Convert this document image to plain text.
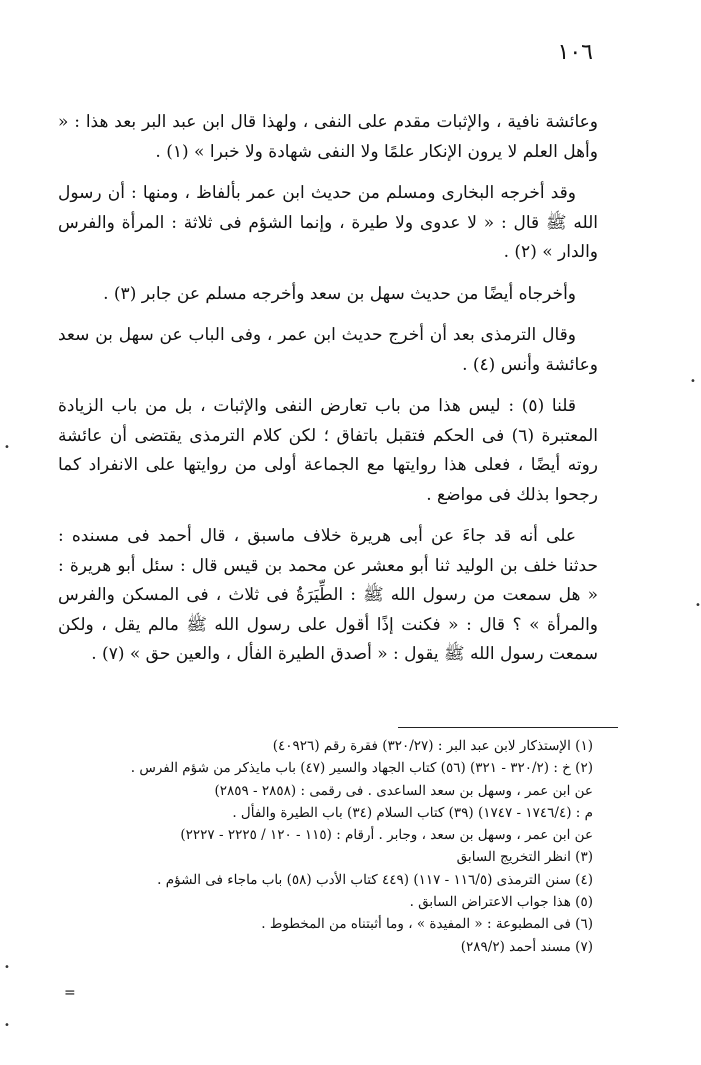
١٠٦

وعائشة نافية ، والإثبات مقدم على النفى ، ولهذا قال ابن عبد البر بعد هذا : « وأهل العلم لا يرون الإنكار علمًا ولا النفى شهادة ولا خبرا » (١) .

وقد أخرجه البخارى ومسلم من حديث ابن عمر بألفاظ ، ومنها : أن رسول الله ﷺ قال : « لا عدوى ولا طيرة ، وإنما الشؤم فى ثلاثة : المرأة والفرس والدار » (٢) .

وأخرجاه أيضًا من حديث سهل بن سعد وأخرجه مسلم عن جابر (٣) .

وقال الترمذى بعد أن أخرج حديث ابن عمر ، وفى الباب عن سهل بن سعد وعائشة وأنس (٤) .

قلنا (٥) : ليس هذا من باب تعارض النفى والإثبات ، بل من باب الزيادة المعتبرة (٦) فى الحكم فتقبل باتفاق ؛ لكن كلام الترمذى يقتضى أن عائشة روته أيضًا ، فعلى هذا روايتها مع الجماعة أولى من روايتها على الانفراد كما رجحوا بذلك فى مواضع .

على أنه قد جاءَ عن أبى هريرة خلاف ماسبق ، قال أحمد فى مسنده : حدثنا خلف بن الوليد ثنا أبو معشر عن محمد بن قيس قال : سئل أبو هريرة : « هل سمعت من رسول الله ﷺ : الطِّيَرَةُ فى ثلاث ، فى المسكن والفرس والمرأة » ؟ قال : « فكنت إذًا أقول على رسول الله ﷺ مالم يقل ، ولكن سمعت رسول الله ﷺ يقول : « أصدق الطيرة الفأل ، والعين حق » (٧) .

(١) الإستذكار لابن عبد البر : (٣٢٠/٢٧) فقرة رقم (٤٠٩٢٦)
(٢) خ : (٣٢٠/٢ - ٣٢١) (٥٦) كتاب الجهاد والسير (٤٧) باب مايذكر من شؤم الفرس .
عن ابن عمر ، وسهل بن سعد الساعدى . فى رقمى : (٢٨٥٨ - ٢٨٥٩)
م : (١٧٤٦/٤ - ١٧٤٧) (٣٩) كتاب السلام (٣٤) باب الطيرة والفأل .
عن ابن عمر ، وسهل بن سعد ، وجابر . أرقام : (١١٥ - ١٢٠ / ٢٢٢٥ - ٢٢٢٧)
(٣) انظر التخريج السابق
(٤) سنن الترمذى (١١٦/٥ - ١١٧) (٤٤٩ كتاب الأدب (٥٨) باب ماجاء فى الشؤم .
(٥) هذا جواب الاعتراض السابق .
(٦) فى المطبوعة : « المفيدة » ، وما أثبتناه من المخطوط .
(٧) مسند أحمد (٢٨٩/٢)
=
•
•
•
•
•
